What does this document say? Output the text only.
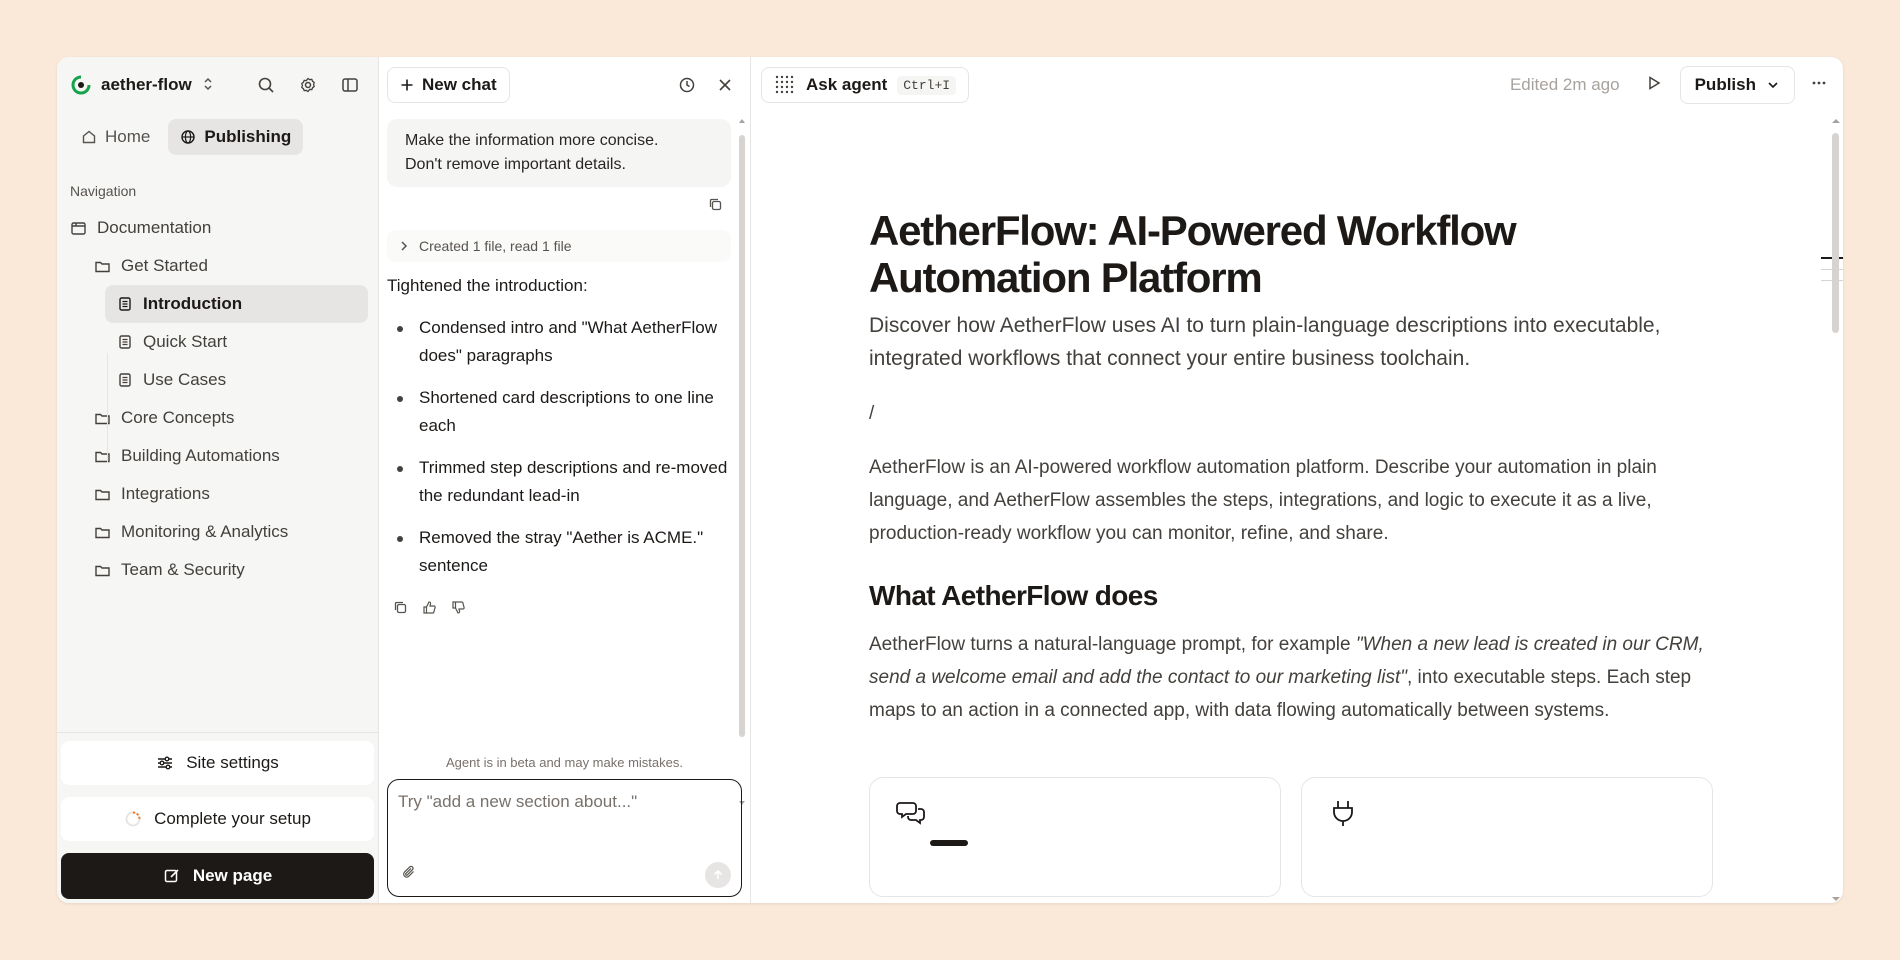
aether-flow
Home	Publishing
Navigation
Documentation
Get Started
Introduction
Quick Start
Use Cases
Core Concepts
Building Automations
Integrations
Monitoring & Analytics
Team & Security
Site settings
Complete your setup
New page
New chat
Make the information more concise.
Don't remove important details.
Created 1 file, read 1 file
Tightened the introduction:
Condensed intro and "What AetherFlow does" paragraphs
Shortened card descriptions to one line each
Trimmed step descriptions and re-moved the redundant lead-in
Removed the stray "Aether is ACME." sentence
Agent is in beta and may make mistakes.
Try "add a new section about..."
Ask agent	Ctrl+I	Edited 2m ago	Publish
AetherFlow: AI-Powered Workflow Automation Platform
Discover how AetherFlow uses AI to turn plain-language descriptions into executable, integrated workflows that connect your entire business toolchain.
/

AetherFlow is an AI-powered workflow automation platform. Describe your automation in plain language, and AetherFlow assembles the steps, integrations, and logic to execute it as a live, production-ready workflow you can monitor, refine, and share.

What AetherFlow does

AetherFlow turns a natural-language prompt, for example "When a new lead is created in our CRM, send a welcome email and add the contact to our marketing list", into executable steps. Each step maps to an action in a connected app, with data flowing automatically between systems.
